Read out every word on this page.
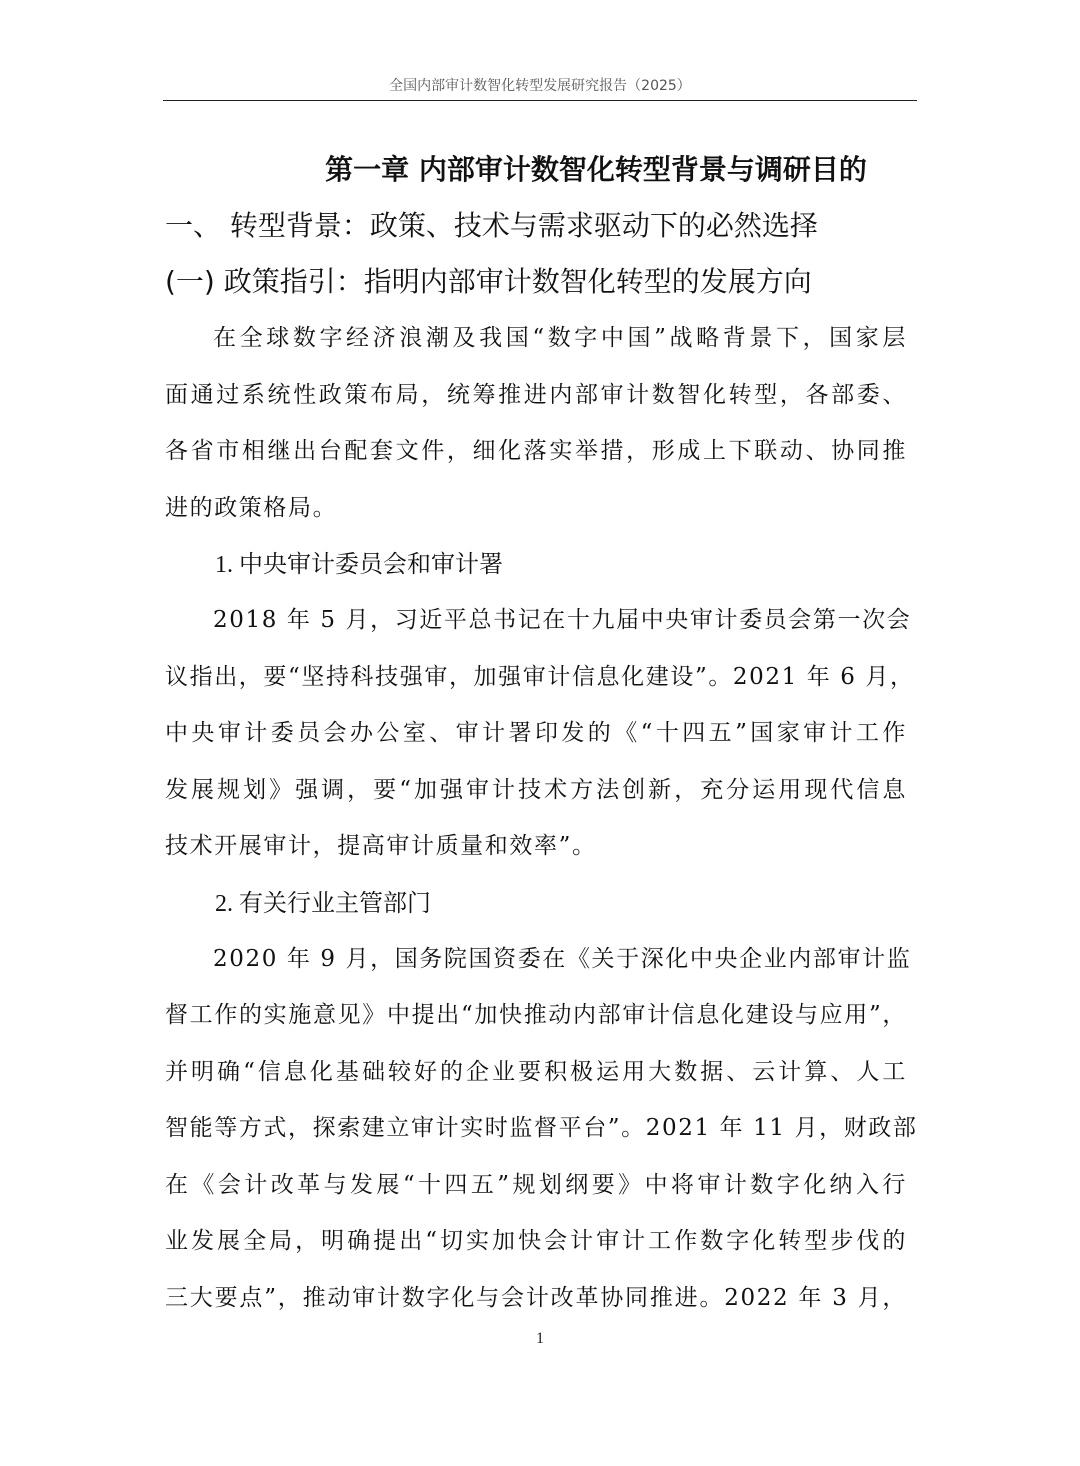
全国内部审计数智化转型发展研究报告（2025）
第一章 内部审计数智化转型背景与调研目的
一、 转型背景：政策、技术与需求驱动下的必然选择
(一) 政策指引：指明内部审计数智化转型的发展方向
在全球数字经济浪潮及我国“数字中国”战略背景下，国家层
面通过系统性政策布局，统筹推进内部审计数智化转型，各部委、
各省市相继出台配套文件，细化落实举措，形成上下联动、协同推
进的政策格局。
1. 中央审计委员会和审计署
2018 年 5 月，习近平总书记在十九届中央审计委员会第一次会
议指出，要“坚持科技强审，加强审计信息化建设”。2021 年 6 月，
中央审计委员会办公室、审计署印发的《“十四五”国家审计工作
发展规划》强调，要“加强审计技术方法创新，充分运用现代信息
技术开展审计，提高审计质量和效率”。
2. 有关行业主管部门
2020 年 9 月，国务院国资委在《关于深化中央企业内部审计监
督工作的实施意见》中提出“加快推动内部审计信息化建设与应用”，
并明确“信息化基础较好的企业要积极运用大数据、云计算、人工
智能等方式，探索建立审计实时监督平台”。2021 年 11 月，财政部
在《会计改革与发展“十四五”规划纲要》中将审计数字化纳入行
业发展全局，明确提出“切实加快会计审计工作数字化转型步伐的
三大要点”，推动审计数字化与会计改革协同推进。2022 年 3 月，
1
